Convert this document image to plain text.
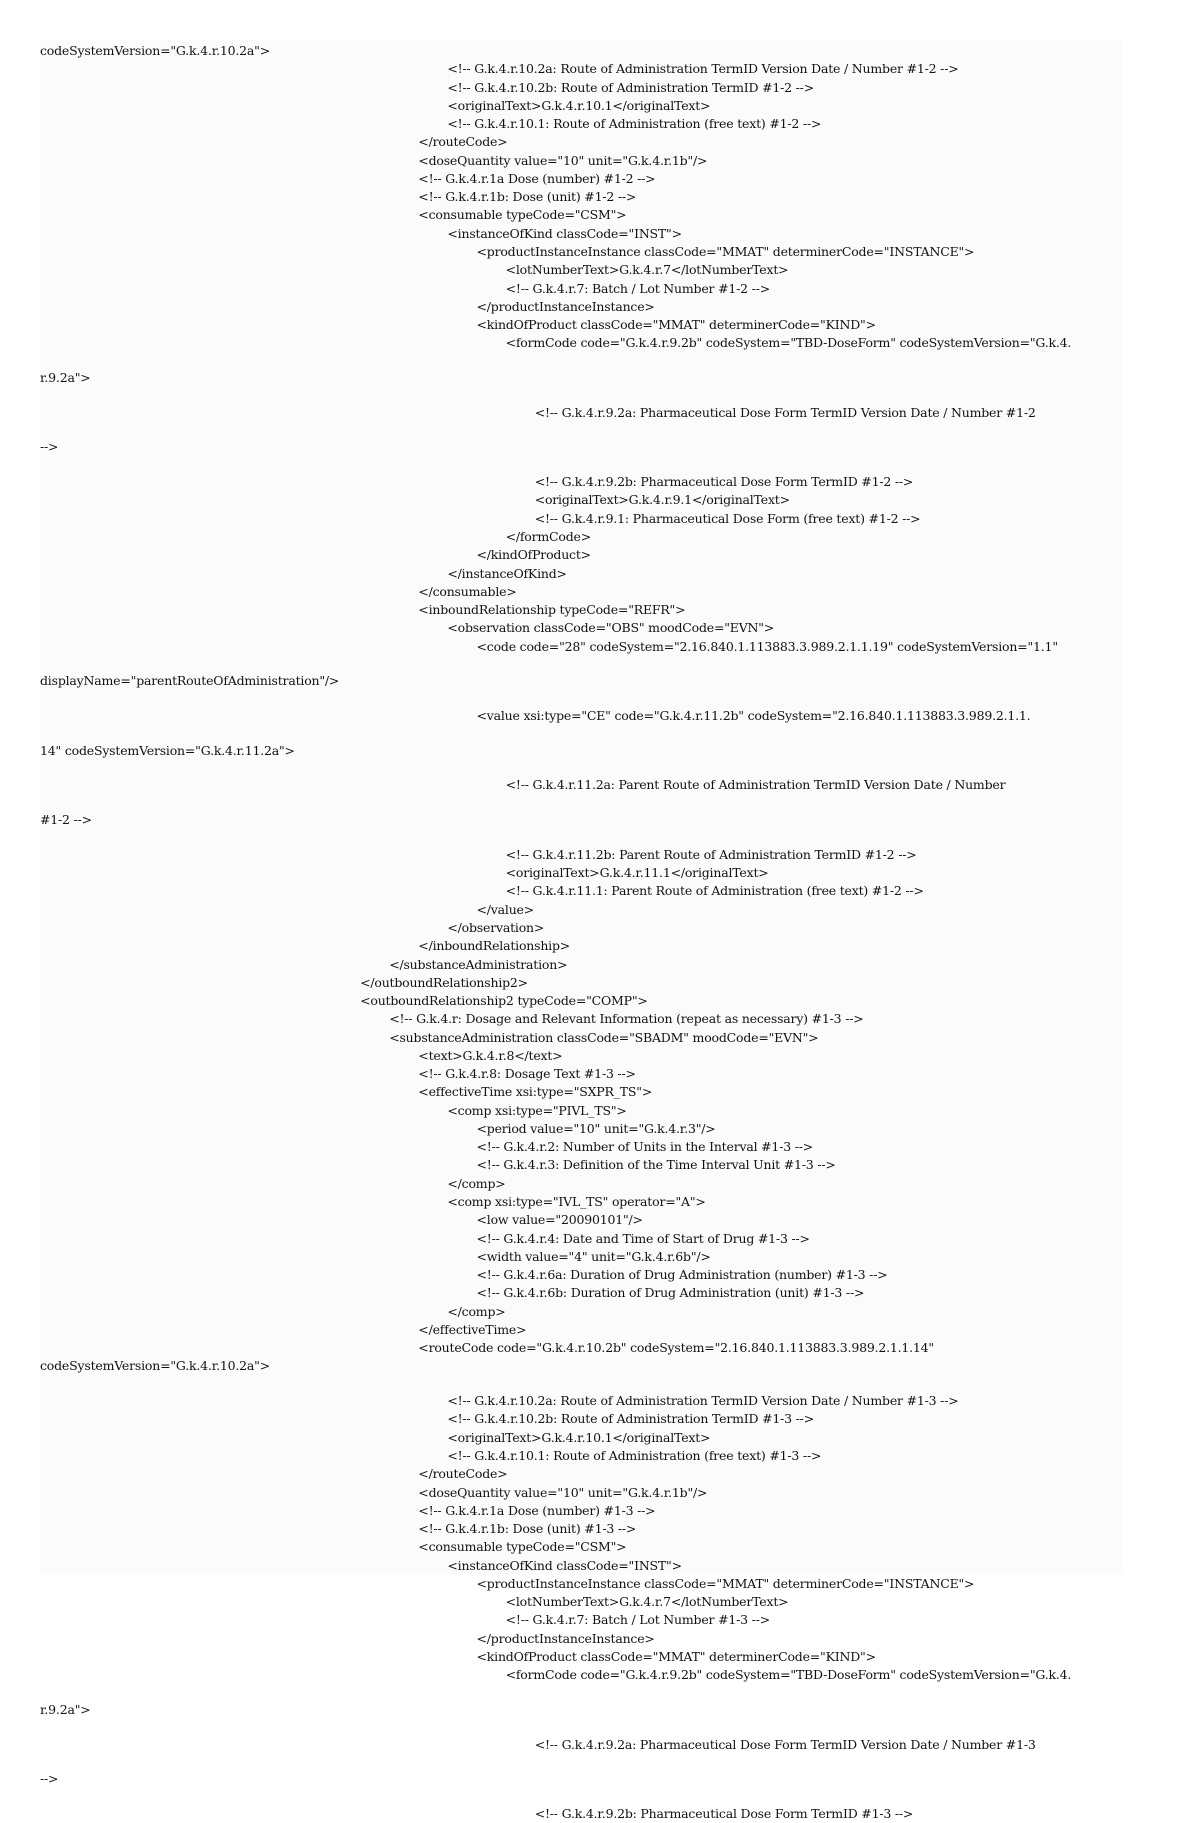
codeSystemVersion="G.k.4.r.10.2a">
<!-- G.k.4.r.10.2a: Route of Administration TermID Version Date / Number #1-2 -->
<!-- G.k.4.r.10.2b: Route of Administration TermID #1-2 -->
<originalText>G.k.4.r.10.1</originalText>
<!-- G.k.4.r.10.1: Route of Administration (free text) #1-2 -->
</routeCode>
<doseQuantity value="10" unit="G.k.4.r.1b"/>
<!-- G.k.4.r.1a Dose (number) #1-2 -->
<!-- G.k.4.r.1b: Dose (unit) #1-2 -->
<consumable typeCode="CSM">
<instanceOfKind classCode="INST">
<productInstanceInstance classCode="MMAT" determinerCode="INSTANCE">
<lotNumberText>G.k.4.r.7</lotNumberText>
<!-- G.k.4.r.7: Batch / Lot Number #1-2 -->
</productInstanceInstance>
<kindOfProduct classCode="MMAT" determinerCode="KIND">
<formCode code="G.k.4.r.9.2b" codeSystem="TBD-DoseForm" codeSystemVersion="G.k.4.
r.9.2a">
<!-- G.k.4.r.9.2a: Pharmaceutical Dose Form TermID Version Date / Number #1-2
-->
<!-- G.k.4.r.9.2b: Pharmaceutical Dose Form TermID #1-2 -->
<originalText>G.k.4.r.9.1</originalText>
<!-- G.k.4.r.9.1: Pharmaceutical Dose Form (free text) #1-2 -->
</formCode>
</kindOfProduct>
</instanceOfKind>
</consumable>
<inboundRelationship typeCode="REFR">
<observation classCode="OBS" moodCode="EVN">
<code code="28" codeSystem="2.16.840.1.113883.3.989.2.1.1.19" codeSystemVersion="1.1"
displayName="parentRouteOfAdministration"/>
<value xsi:type="CE" code="G.k.4.r.11.2b" codeSystem="2.16.840.1.113883.3.989.2.1.1.
14" codeSystemVersion="G.k.4.r.11.2a">
<!-- G.k.4.r.11.2a: Parent Route of Administration TermID Version Date / Number
#1-2 -->
<!-- G.k.4.r.11.2b: Parent Route of Administration TermID #1-2 -->
<originalText>G.k.4.r.11.1</originalText>
<!-- G.k.4.r.11.1: Parent Route of Administration (free text) #1-2 -->
</value>
</observation>
</inboundRelationship>
</substanceAdministration>
</outboundRelationship2>
<outboundRelationship2 typeCode="COMP">
<!-- G.k.4.r: Dosage and Relevant Information (repeat as necessary) #1-3 -->
<substanceAdministration classCode="SBADM" moodCode="EVN">
<text>G.k.4.r.8</text>
<!-- G.k.4.r.8: Dosage Text #1-3 -->
<effectiveTime xsi:type="SXPR_TS">
<comp xsi:type="PIVL_TS">
<period value="10" unit="G.k.4.r.3"/>
<!-- G.k.4.r.2: Number of Units in the Interval #1-3 -->
<!-- G.k.4.r.3: Definition of the Time Interval Unit #1-3 -->
</comp>
<comp xsi:type="IVL_TS" operator="A">
<low value="20090101"/>
<!-- G.k.4.r.4: Date and Time of Start of Drug #1-3 -->
<width value="4" unit="G.k.4.r.6b"/>
<!-- G.k.4.r.6a: Duration of Drug Administration (number) #1-3 -->
<!-- G.k.4.r.6b: Duration of Drug Administration (unit) #1-3 -->
</comp>
</effectiveTime>
<routeCode code="G.k.4.r.10.2b" codeSystem="2.16.840.1.113883.3.989.2.1.1.14"
codeSystemVersion="G.k.4.r.10.2a">
<!-- G.k.4.r.10.2a: Route of Administration TermID Version Date / Number #1-3 -->
<!-- G.k.4.r.10.2b: Route of Administration TermID #1-3 -->
<originalText>G.k.4.r.10.1</originalText>
<!-- G.k.4.r.10.1: Route of Administration (free text) #1-3 -->
</routeCode>
<doseQuantity value="10" unit="G.k.4.r.1b"/>
<!-- G.k.4.r.1a Dose (number) #1-3 -->
<!-- G.k.4.r.1b: Dose (unit) #1-3 -->
<consumable typeCode="CSM">
<instanceOfKind classCode="INST">
<productInstanceInstance classCode="MMAT" determinerCode="INSTANCE">
<lotNumberText>G.k.4.r.7</lotNumberText>
<!-- G.k.4.r.7: Batch / Lot Number #1-3 -->
</productInstanceInstance>
<kindOfProduct classCode="MMAT" determinerCode="KIND">
<formCode code="G.k.4.r.9.2b" codeSystem="TBD-DoseForm" codeSystemVersion="G.k.4.
r.9.2a">
<!-- G.k.4.r.9.2a: Pharmaceutical Dose Form TermID Version Date / Number #1-3
-->
<!-- G.k.4.r.9.2b: Pharmaceutical Dose Form TermID #1-3 -->
